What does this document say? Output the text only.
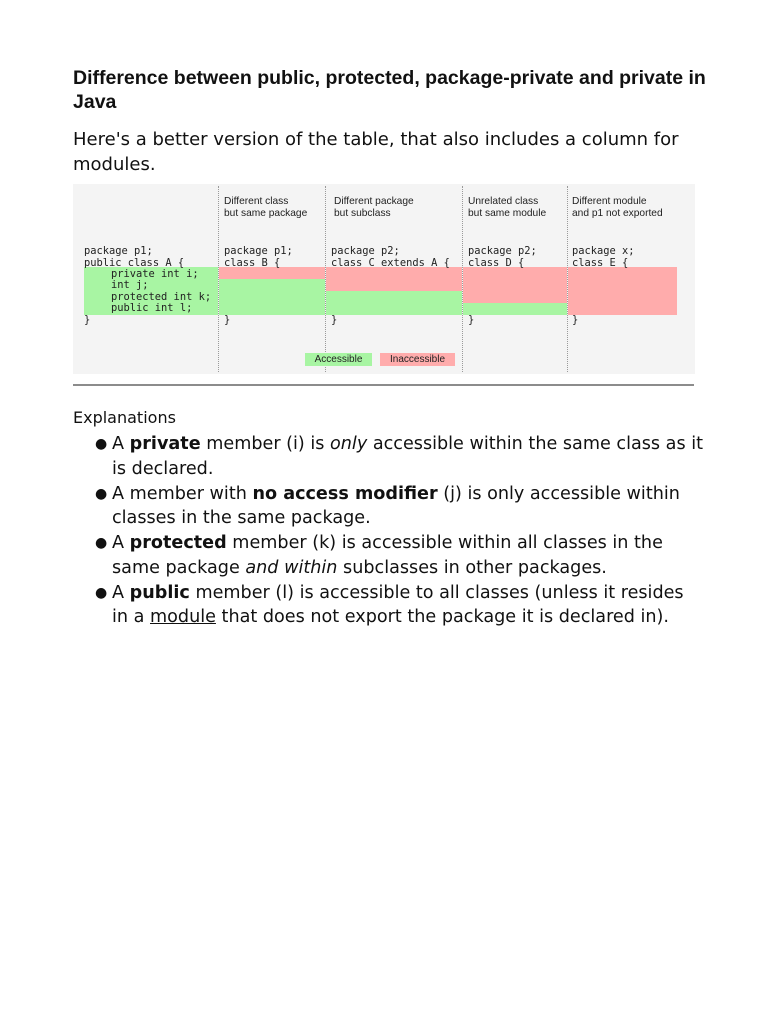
Difference between public, protected, package-private and private in Java

Here's a better version of the table, that also includes a column for modules.

Different class
but same package
Different package
but subclass
Unrelated class
but same module
Different module
and p1 not exported
package p1;
public class A {
private int i;
int j;
protected int k;
public int l;
}
package p1;
class B {
}
package p2;
class C extends A {
}
package p2;
class D {
}
package x;
class E {
}
Accessible	Inaccessible

Explanations

● A private member (i) is only accessible within the same class as it is declared.
● A member with no access modifier (j) is only accessible within classes in the same package.
● A protected member (k) is accessible within all classes in the same package and within subclasses in other packages.
● A public member (l) is accessible to all classes (unless it resides in a module that does not export the package it is declared in).
